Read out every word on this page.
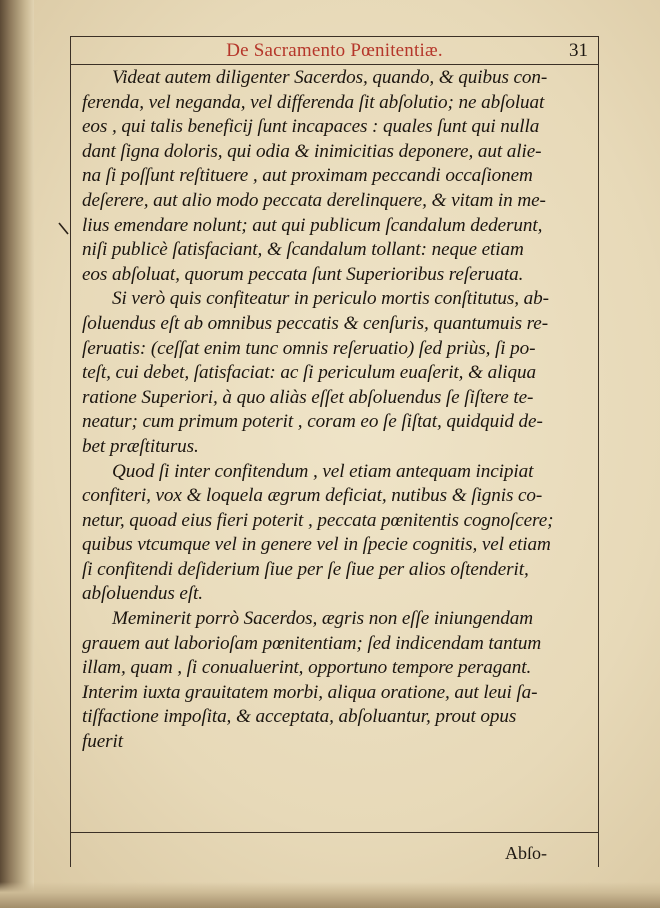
De Sacramento Pœnitentiæ.	31
Videat autem diligenter Sacerdos, quando, & quibus con-
ferenda, vel neganda, vel differenda ſit abſolutio; ne abſoluat
eos , qui talis beneficij ſunt incapaces : quales ſunt qui nulla
dant ſigna doloris, qui odia & inimicitias deponere, aut alie-
na ſi poſſunt reſtituere , aut proximam peccandi occaſionem
deſerere, aut alio modo peccata derelinquere, & vitam in me-
lius emendare nolunt; aut qui publicum ſcandalum dederunt,
niſi publicè ſatisfaciant, & ſcandalum tollant: neque etiam
eos abſoluat, quorum peccata ſunt Superioribus reſeruata.
Si verò quis confiteatur in periculo mortis conſtitutus, ab-
ſoluendus eſt ab omnibus peccatis & cenſuris, quantumuis re-
ſeruatis: (ceſſat enim tunc omnis reſeruatio) ſed priùs, ſi po-
teſt, cui debet, ſatisfaciat: ac ſi periculum euaſerit, & aliqua
ratione Superiori, à quo aliàs eſſet abſoluendus ſe ſiſtere te-
neatur; cum primum poterit , coram eo ſe ſiſtat, quidquid de-
bet præſtiturus.
Quod ſi inter confitendum , vel etiam antequam incipiat
confiteri, vox & loquela ægrum deficiat, nutibus & ſignis co-
netur, quoad eius fieri poterit , peccata pœnitentis cognoſcere;
quibus vtcumque vel in genere vel in ſpecie cognitis, vel etiam
ſi confitendi deſiderium ſiue per ſe ſiue per alios oſtenderit,
abſoluendus eſt.
Meminerit porrò Sacerdos, ægris non eſſe iniungendam
grauem aut laborioſam pœnitentiam; ſed indicendam tantum
illam, quam , ſi conualuerint, opportuno tempore peragant.
Interim iuxta grauitatem morbi, aliqua oratione, aut leui ſa-
tiſfactione impoſita, & acceptata, abſoluantur, prout opus
fuerit
Abſo-
